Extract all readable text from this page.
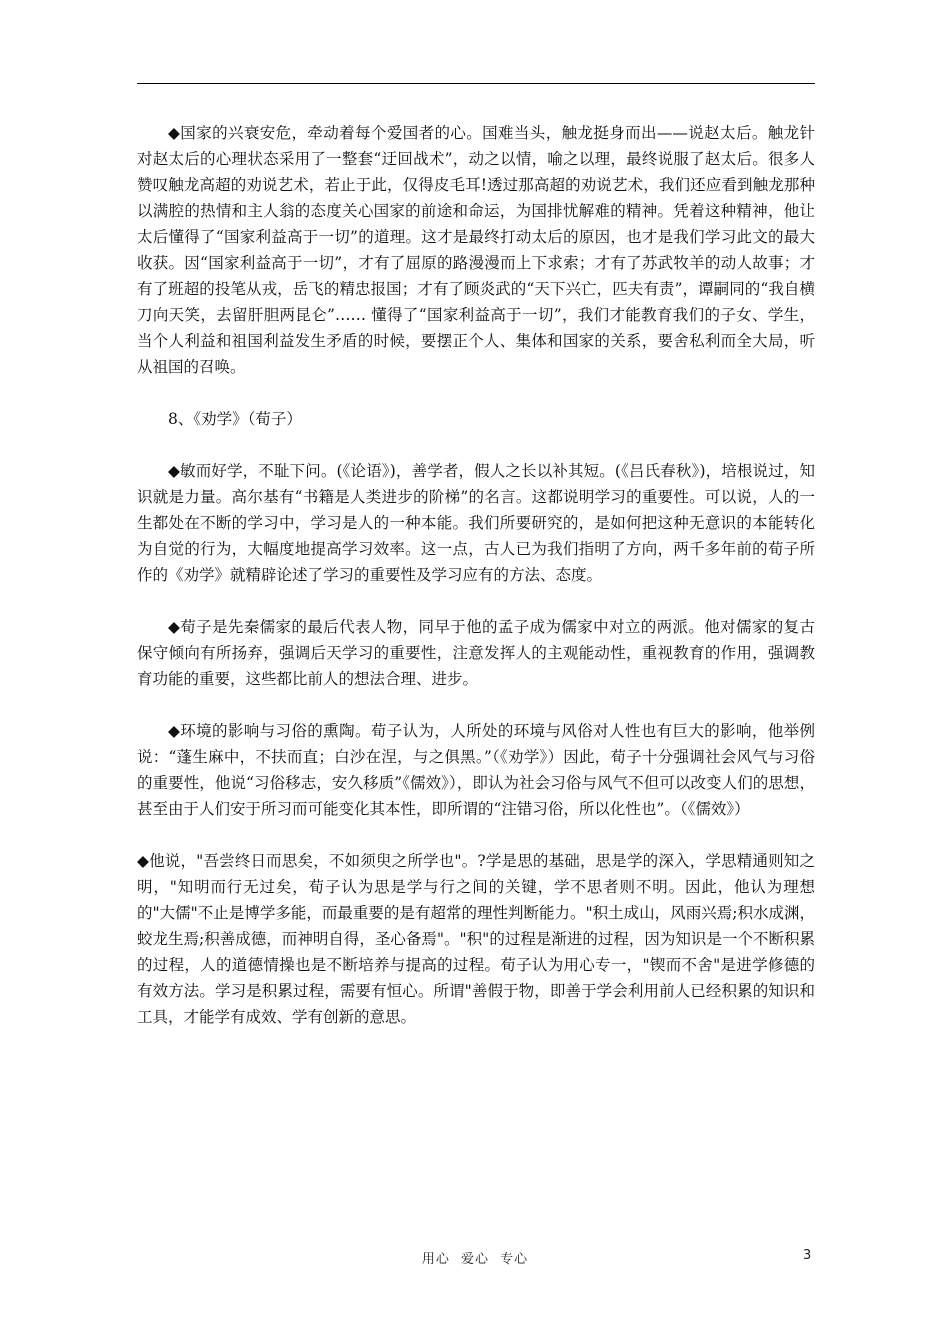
◆国家的兴衰安危，牵动着每个爱国者的心。国难当头，触龙挺身而出——说赵太后。触龙针对赵太后的心理状态采用了一整套“迂回战术”，动之以情，喻之以理，最终说服了赵太后。很多人赞叹触龙高超的劝说艺术，若止于此，仅得皮毛耳!透过那高超的劝说艺术，我们还应看到触龙那种以满腔的热情和主人翁的态度关心国家的前途和命运，为国排忧解难的精神。凭着这种精神，他让太后懂得了“国家利益高于一切”的道理。这才是最终打动太后的原因，也才是我们学习此文的最大收获。因“国家利益高于一切”，才有了屈原的路漫漫而上下求索；才有了苏武牧羊的动人故事；才有了班超的投笔从戎，岳飞的精忠报国；才有了顾炎武的“天下兴亡，匹夫有责”，谭嗣同的“我自横刀向天笑，去留肝胆两昆仑”…… 懂得了“国家利益高于一切”，我们才能教育我们的子女、学生，当个人利益和祖国利益发生矛盾的时候，要摆正个人、集体和国家的关系，要舍私利而全大局，听从祖国的召唤。

8、《劝学》（荀子）

◆敏而好学，不耻下问。(《论语》)，善学者，假人之长以补其短。(《吕氏春秋》)，培根说过，知识就是力量。高尔基有“书籍是人类进步的阶梯”的名言。这都说明学习的重要性。可以说，人的一生都处在不断的学习中，学习是人的一种本能。我们所要研究的，是如何把这种无意识的本能转化为自觉的行为，大幅度地提高学习效率。这一点，古人已为我们指明了方向，两千多年前的荀子所作的《劝学》就精辟论述了学习的重要性及学习应有的方法、态度。

◆荀子是先秦儒家的最后代表人物，同早于他的孟子成为儒家中对立的两派。他对儒家的复古保守倾向有所扬弃，强调后天学习的重要性，注意发挥人的主观能动性，重视教育的作用，强调教育功能的重要，这些都比前人的想法合理、进步。

◆环境的影响与习俗的熏陶。荀子认为，人所处的环境与风俗对人性也有巨大的影响，他举例说：“蓬生麻中，不扶而直；白沙在涅，与之俱黑。”（《劝学》）因此，荀子十分强调社会风气与习俗的重要性，他说“习俗移志，安久移质”《儒效》），即认为社会习俗与风气不但可以改变人们的思想，甚至由于人们安于所习而可能变化其本性，即所谓的“注错习俗，所以化性也”。（《儒效》）

◆他说，"吾尝终日而思矣，不如须臾之所学也"。?学是思的基础，思是学的深入，学思精通则知之明，"知明而行无过矣，荀子认为思是学与行之间的关键，学不思者则不明。因此，他认为理想的"大儒"不止是博学多能，而最重要的是有超常的理性判断能力。"积土成山，风雨兴焉;积水成渊，蛟龙生焉;积善成德，而神明自得，圣心备焉"。"积"的过程是渐进的过程，因为知识是一个不断积累的过程，人的道德情操也是不断培养与提高的过程。荀子认为用心专一，"锲而不舍"是进学修德的有效方法。学习是积累过程，需要有恒心。所谓"善假于物，即善于学会利用前人已经积累的知识和工具，才能学有成效、学有创新的意思。

用心 爱心 专心	3
